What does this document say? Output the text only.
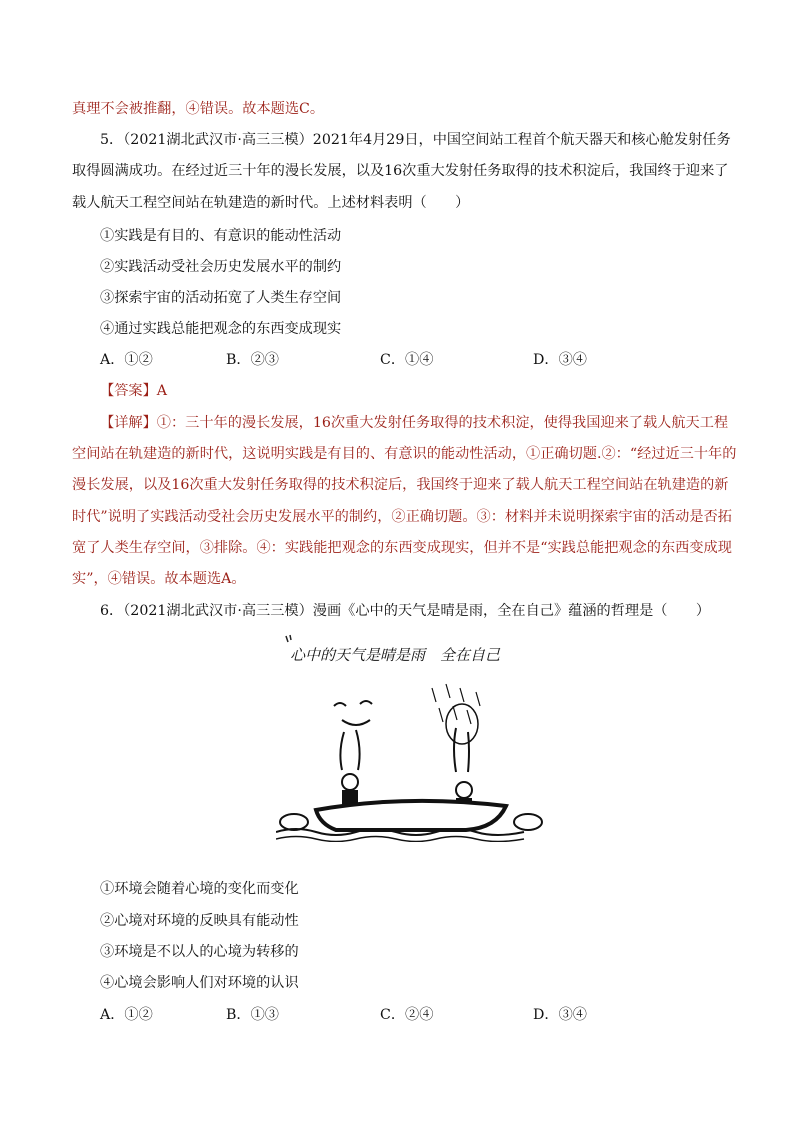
真理不会被推翻，④错误。故本题选C。
5．（2021湖北武汉市·高三三模）2021年4月29日，中国空间站工程首个航天器天和核心舱发射任务
取得圆满成功。在经过近三十年的漫长发展，以及16次重大发射任务取得的技术积淀后，我国终于迎来了
载人航天工程空间站在轨建造的新时代。上述材料表明（　　）
①实践是有目的、有意识的能动性活动
②实践活动受社会历史发展水平的制约
③探索宇宙的活动拓宽了人类生存空间
④通过实践总能把观念的东西变成现实
A．①②	B．②③	C．①④	D．③④
【答案】A
【详解】①：三十年的漫长发展，16次重大发射任务取得的技术积淀，使得我国迎来了载人航天工程
空间站在轨建造的新时代，这说明实践是有目的、有意识的能动性活动，①正确切题.②：“经过近三十年的
漫长发展，以及16次重大发射任务取得的技术积淀后，我国终于迎来了载人航天工程空间站在轨建造的新
时代”说明了实践活动受社会历史发展水平的制约，②正确切题。③：材料并未说明探索宇宙的活动是否拓
宽了人类生存空间，③排除。④：实践能把观念的东西变成现实，但并不是“实践总能把观念的东西变成现
实”，④错误。故本题选A。
6．（2021湖北武汉市·高三三模）漫画《心中的天气是晴是雨，全在自己》蕴涵的哲理是（　　）
心中的天气是晴是雨　全在自己
①环境会随着心境的变化而变化
②心境对环境的反映具有能动性
③环境是不以人的心境为转移的
④心境会影响人们对环境的认识
A．①②	B．①③	C．②④	D．③④
